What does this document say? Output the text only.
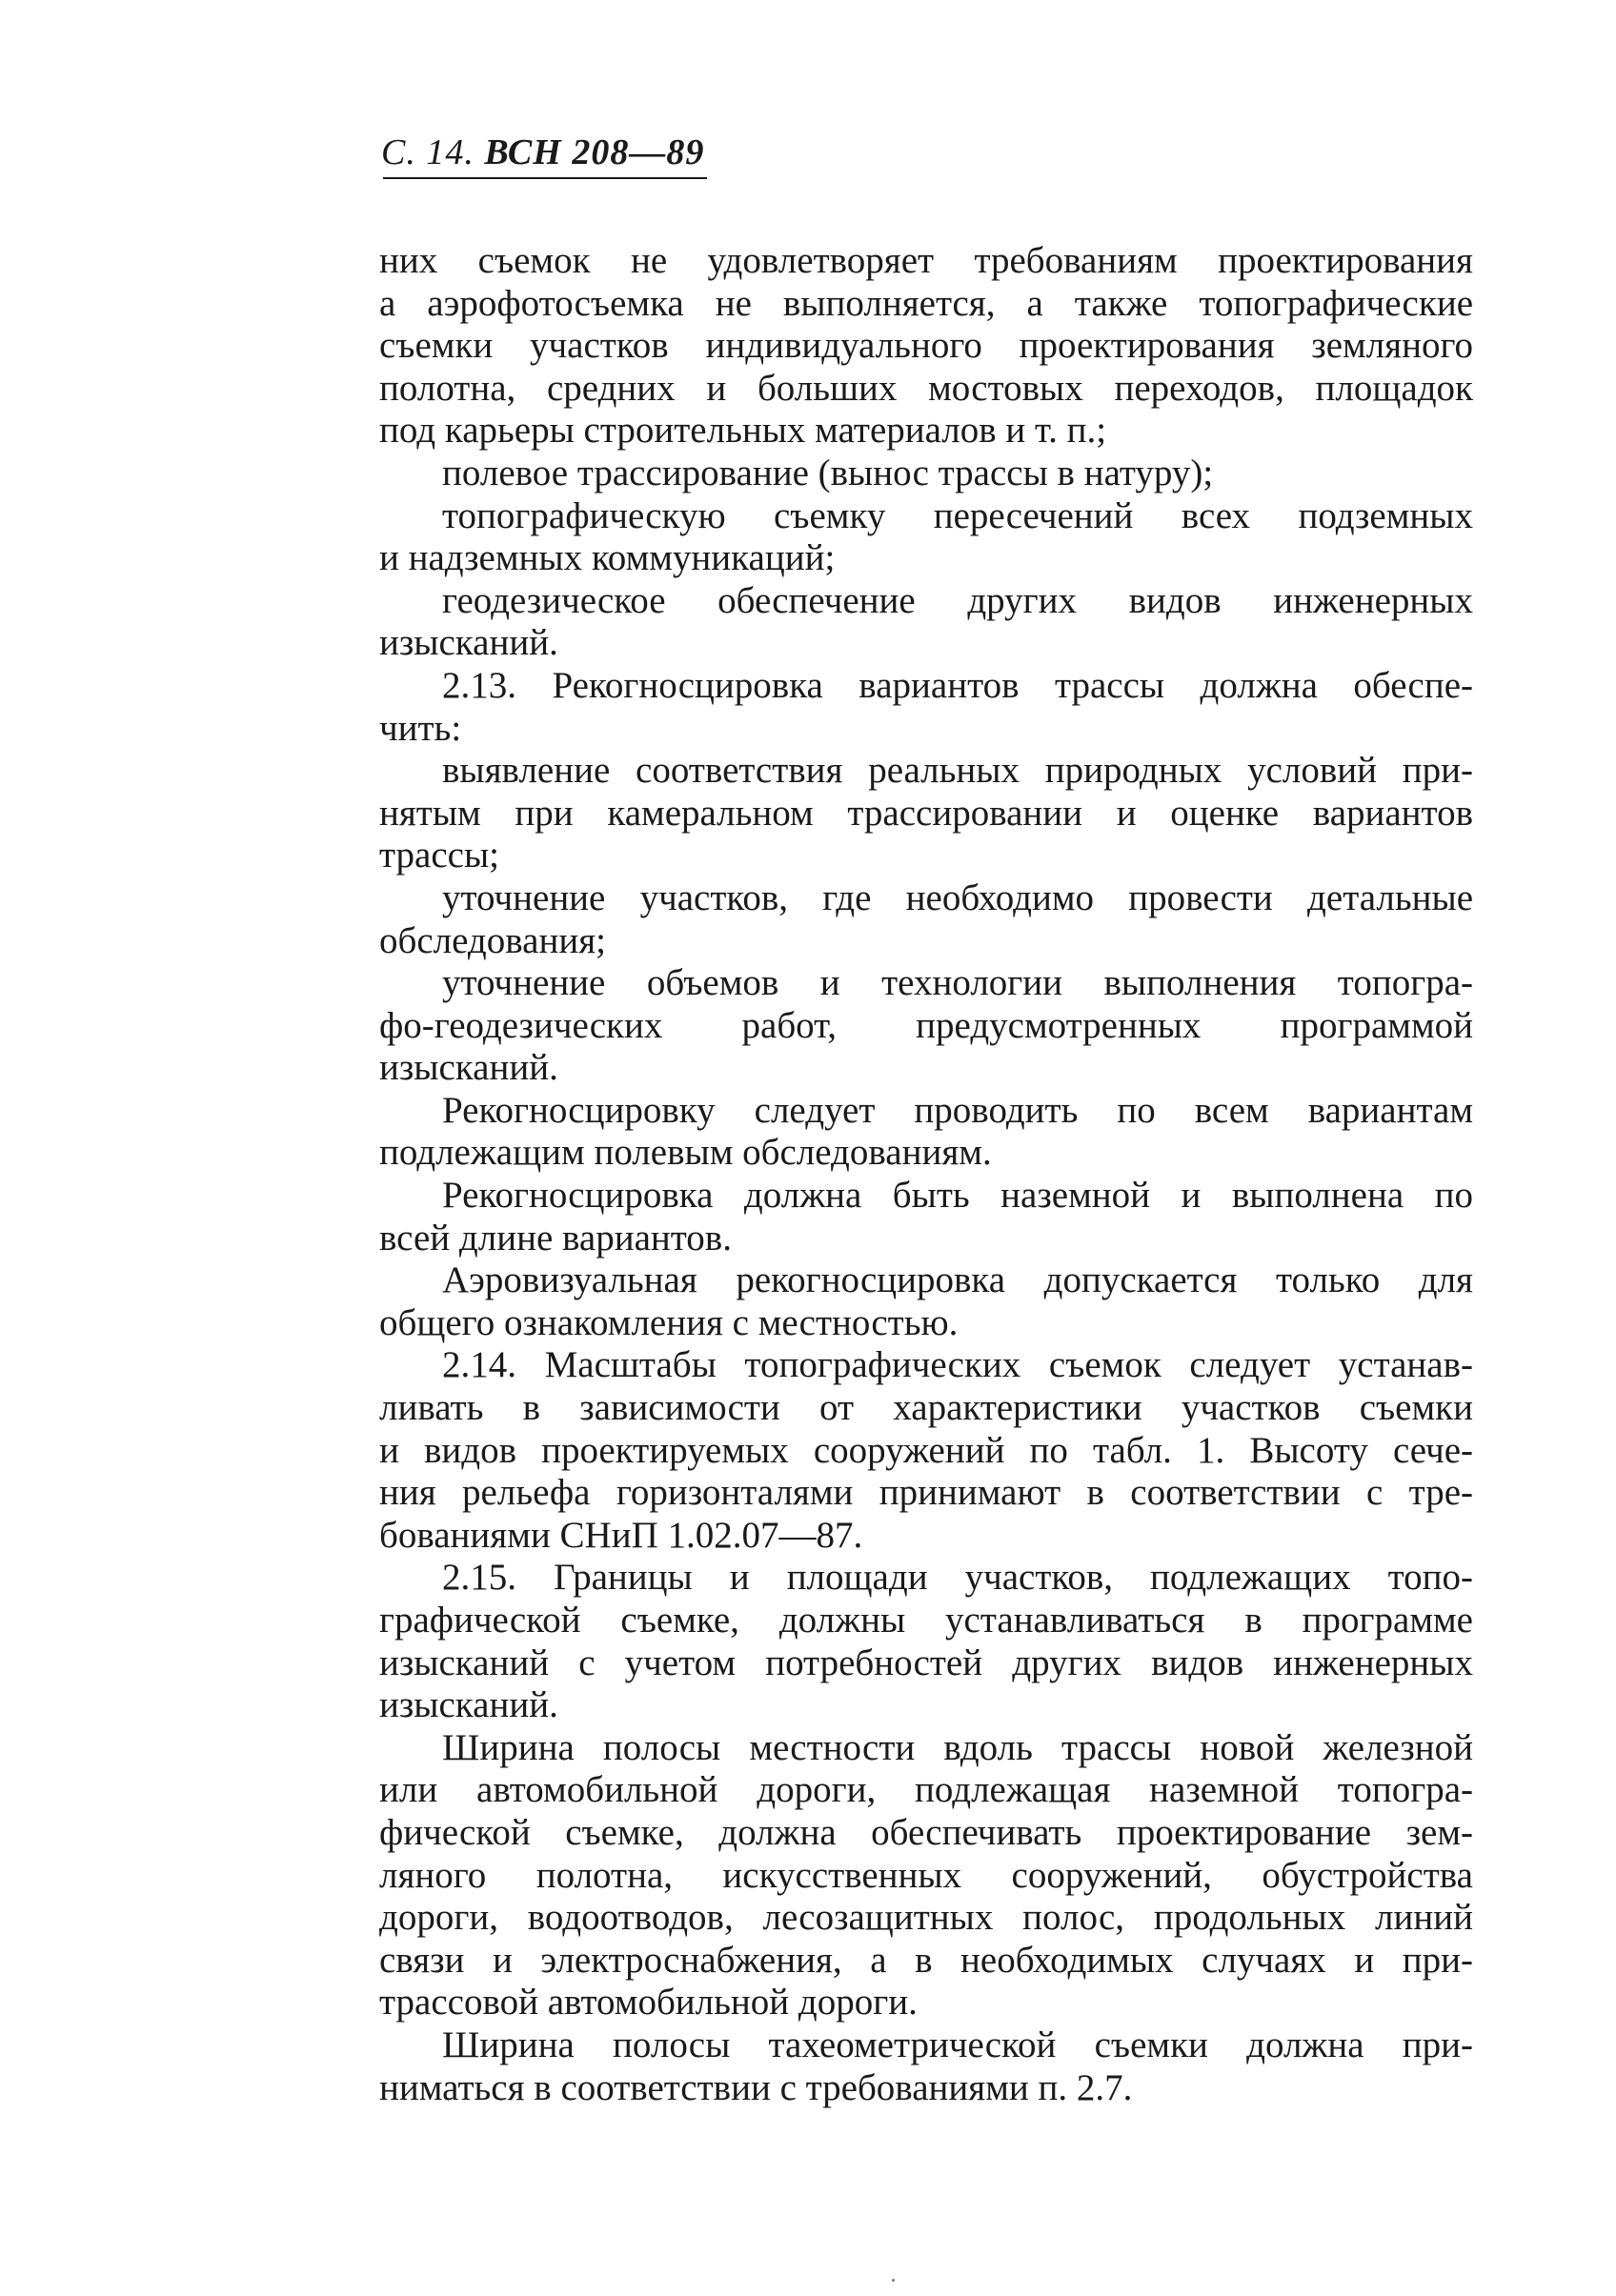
С. 14. ВСН 208—89
них съемок не удовлетворяет требованиям проектирования
а аэрофотосъемка не выполняется, а также топографические
съемки участков индивидуального проектирования земляного
полотна, средних и больших мостовых переходов, площадок
под карьеры строительных материалов и т. п.;
полевое трассирование (вынос трассы в натуру);
топографическую съемку пересечений всех подземных
и надземных коммуникаций;
геодезическое обеспечение других видов инженерных
изысканий.
2.13. Рекогносцировка вариантов трассы должна обеспе-
чить:
выявление соответствия реальных природных условий при-
нятым при камеральном трассировании и оценке вариантов
трассы;
уточнение участков, где необходимо провести детальные
обследования;
уточнение объемов и технологии выполнения топогра-
фо-геодезических работ, предусмотренных программой
изысканий.
Рекогносцировку следует проводить по всем вариантам
подлежащим полевым обследованиям.
Рекогносцировка должна быть наземной и выполнена по
всей длине вариантов.
Аэровизуальная рекогносцировка допускается только для
общего ознакомления с местностью.
2.14. Масштабы топографических съемок следует устанав-
ливать в зависимости от характеристики участков съемки
и видов проектируемых сооружений по табл. 1. Высоту сече-
ния рельефа горизонталями принимают в соответствии с тре-
бованиями СНиП 1.02.07—87.
2.15. Границы и площади участков, подлежащих топо-
графической съемке, должны устанавливаться в программе
изысканий с учетом потребностей других видов инженерных
изысканий.
Ширина полосы местности вдоль трассы новой железной
или автомобильной дороги, подлежащая наземной топогра-
фической съемке, должна обеспечивать проектирование зем-
ляного полотна, искусственных сооружений, обустройства
дороги, водоотводов, лесозащитных полос, продольных линий
связи и электроснабжения, а в необходимых случаях и при-
трассовой автомобильной дороги.
Ширина полосы тахеометрической съемки должна при-
ниматься в соответствии с требованиями п. 2.7.
